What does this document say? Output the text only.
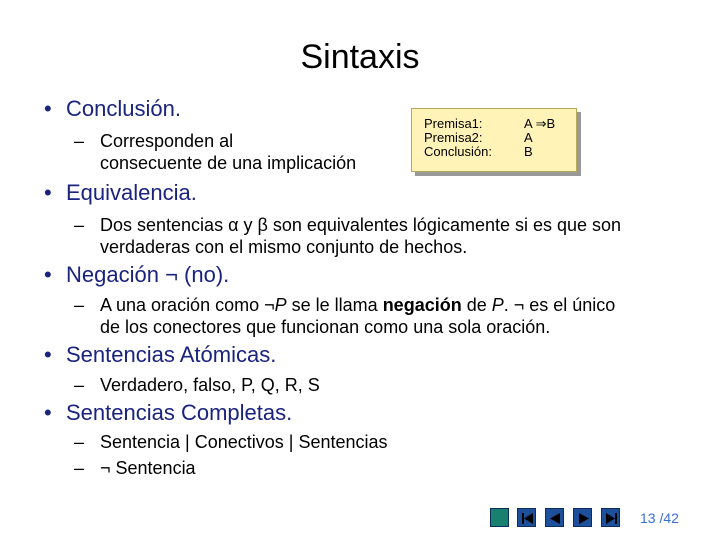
Sintaxis
• Conclusión.
– Corresponden al
consecuente de una implicación
Premisa1:
Premisa2:
Conclusión:
A ⇒B
A
B
• Equivalencia.
– Dos sentencias α y β son equivalentes lógicamente si es que son
verdaderas con el mismo conjunto de hechos.
• Negación ¬ (no).
– A una oración como ¬P se le llama negación de P. ¬ es el único
de los conectores que funcionan como una sola oración.
• Sentencias Atómicas.
– Verdadero, falso, P, Q, R, S
• Sentencias Completas.
– Sentencia | Conectivos | Sentencias
– ¬ Sentencia
13 /42
